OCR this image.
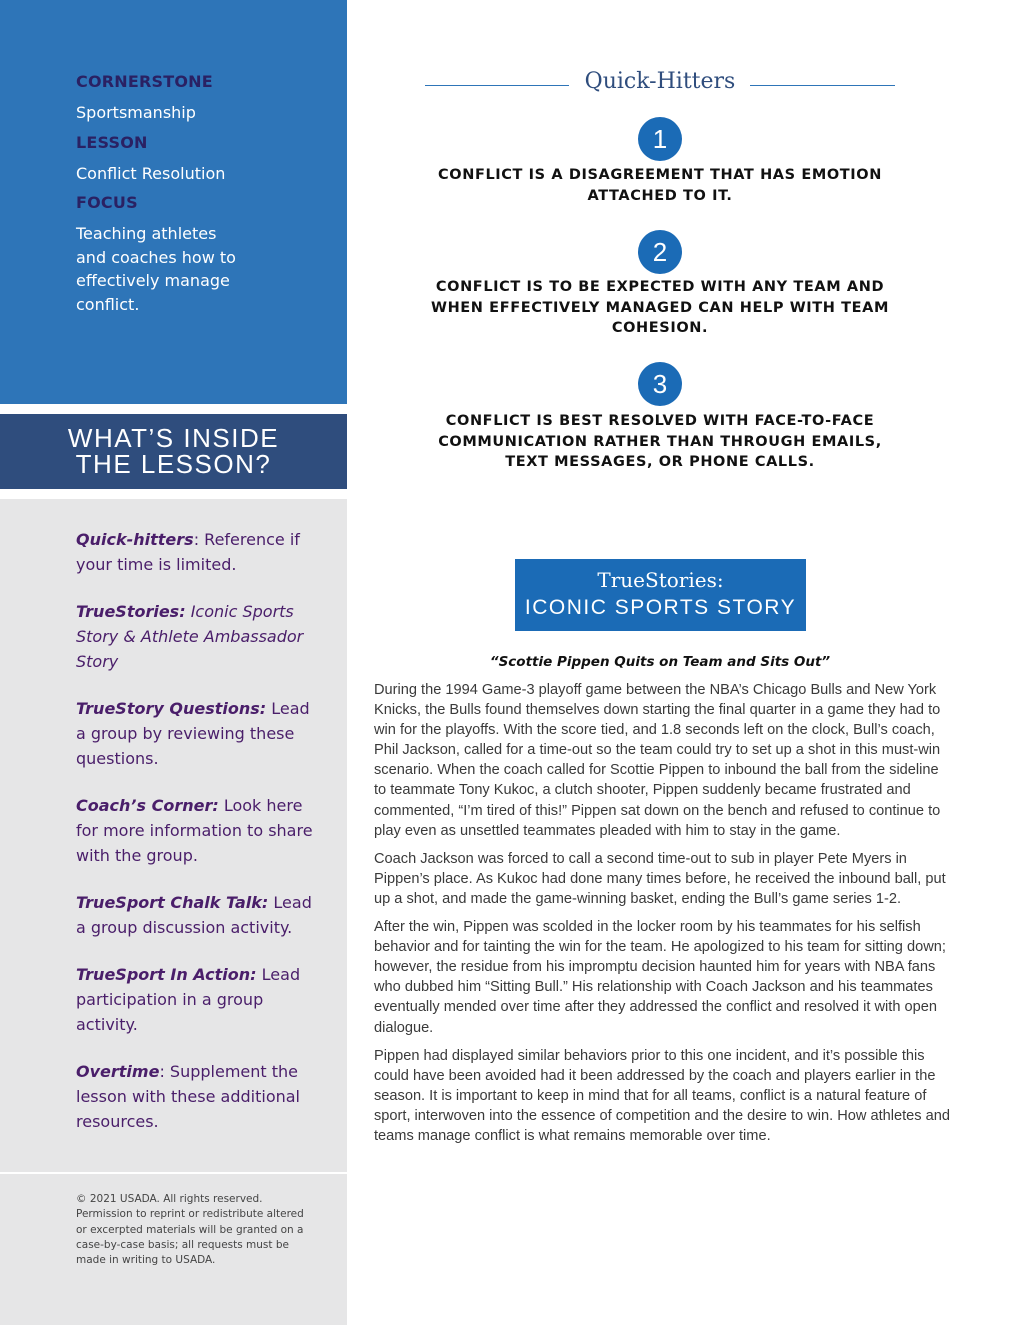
CORNERSTONE
Sportsmanship
LESSON
Conflict Resolution
FOCUS
Teaching athletes and coaches how to effectively manage conflict.
WHAT’S INSIDE
THE LESSON?
Quick-hitters: Reference if your time is limited.
TrueStories: Iconic Sports Story & Athlete Ambassador Story
TrueStory Questions: Lead a group by reviewing these questions.
Coach’s Corner: Look here for more information to share with the group.
TrueSport Chalk Talk: Lead a group discussion activity.
TrueSport In Action: Lead participation in a group activity.
Overtime: Supplement the lesson with these additional resources.
© 2021 USADA. All rights reserved. Permission to reprint or redistribute altered or excerpted materials will be granted on a case-by-case basis; all requests must be made in writing to USADA.
Quick-Hitters
1
CONFLICT IS A DISAGREEMENT THAT HAS EMOTION ATTACHED TO IT.
2
CONFLICT IS TO BE EXPECTED WITH ANY TEAM AND WHEN EFFECTIVELY MANAGED CAN HELP WITH TEAM COHESION.
3
CONFLICT IS BEST RESOLVED WITH FACE-TO-FACE COMMUNICATION RATHER THAN THROUGH EMAILS, TEXT MESSAGES, OR PHONE CALLS.
TrueStories:
ICONIC SPORTS STORY
“Scottie Pippen Quits on Team and Sits Out”

During the 1994 Game-3 playoff game between the NBA’s Chicago Bulls and New York Knicks, the Bulls found themselves down starting the final quarter in a game they had to win for the playoffs. With the score tied, and 1.8 seconds left on the clock, Bull’s coach, Phil Jackson, called for a time-out so the team could try to set up a shot in this must-win scenario. When the coach called for Scottie Pippen to inbound the ball from the sideline to teammate Tony Kukoc, a clutch shooter, Pippen suddenly became frustrated and commented, “I’m tired of this!” Pippen sat down on the bench and refused to continue to play even as unsettled teammates pleaded with him to stay in the game.

Coach Jackson was forced to call a second time-out to sub in player Pete Myers in Pippen’s place. As Kukoc had done many times before, he received the inbound ball, put up a shot, and made the game-winning basket, ending the Bull’s game series 1-2.

After the win, Pippen was scolded in the locker room by his teammates for his selfish behavior and for tainting the win for the team. He apologized to his team for sitting down; however, the residue from his impromptu decision haunted him for years with NBA fans who dubbed him “Sitting Bull.” His relationship with Coach Jackson and his teammates eventually mended over time after they addressed the conflict and resolved it with open dialogue.

Pippen had displayed similar behaviors prior to this one incident, and it’s possible this could have been avoided had it been addressed by the coach and players earlier in the season. It is important to keep in mind that for all teams, conflict is a natural feature of sport, interwoven into the essence of competition and the desire to win. How athletes and teams manage conflict is what remains memorable over time.
